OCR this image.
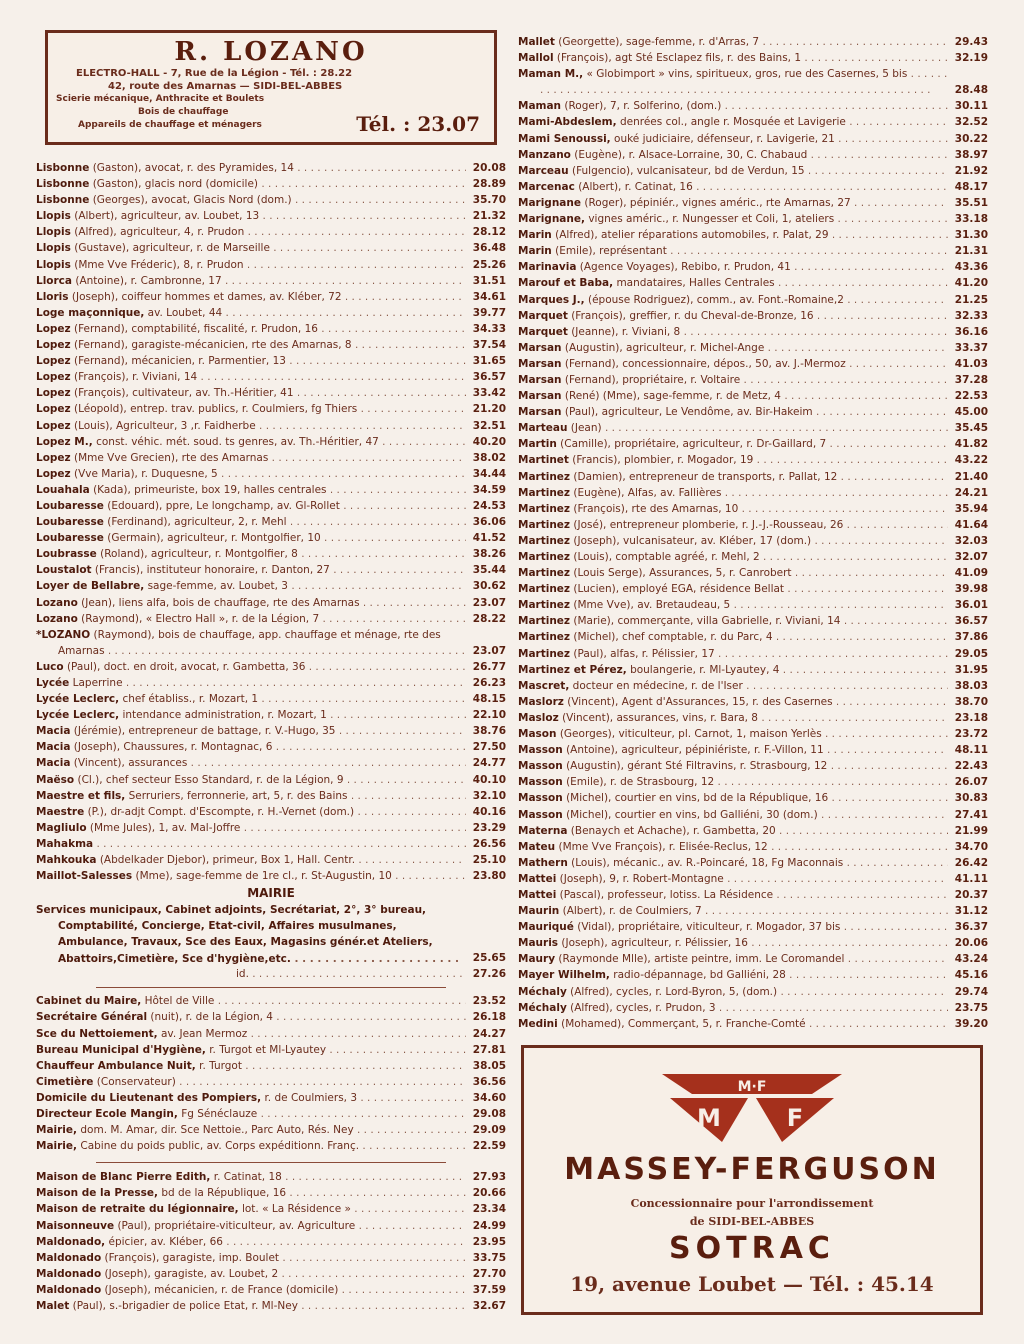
R. LOZANO
ELECTRO-HALL - 7, Rue de la Légion - Tél. : 28.22
42, route des Amarnas — SIDI-BEL-ABBES
Scierie mécanique, Anthracite et Boulets
Bois de chauffage
Appareils de chauffage et ménagers	Tél. : 23.07
Lisbonne (Gaston), avocat, r. des Pyramides, 14 . . .	20.08
Lisbonne (Gaston), glacis nord (domicile) . . .	28.89
Lisbonne (Georges), avocat, Glacis Nord (dom.) . . .	35.70
Llopis (Albert), agriculteur, av. Loubet, 13 . . .	21.32
Llopis (Alfred), agriculteur, 4, r. Prudon . . .	28.12
Llopis (Gustave), agriculteur, r. de Marseille . . .	36.48
Llopis (Mme Vve Fréderic), 8, r. Prudon . . .	25.26
Llorca (Antoine), r. Cambronne, 17 . . .	31.51
Lloris (Joseph), coiffeur hommes et dames, av. Kléber, 72 . . .	34.61
Loge maçonnique, av. Loubet, 44 . . .	39.77
Lopez (Fernand), comptabilité, fiscalité, r. Prudon, 16 . . .	34.33
Lopez (Fernand), garagiste-mécanicien, rte des Amarnas, 8 . . .	37.54
Lopez (Fernand), mécanicien, r. Parmentier, 13 . . .	31.65
Lopez (François), r. Viviani, 14 . . .	36.57
Lopez (François), cultivateur, av. Th.-Héritier, 41 . . .	33.42
Lopez (Léopold), entrep. trav. publics, r. Coulmiers, fg Thiers . . .	21.20
Lopez (Louis), Agriculteur, 3 ,r. Faidherbe . . .	32.51
Lopez M., const. véhic. mét. soud. ts genres, av. Th.-Héritier, 47 . . .	40.20
Lopez (Mme Vve Grecien), rte des Amarnas . . .	38.02
Lopez (Vve Maria), r. Duquesne, 5 . . .	34.44
Louahala (Kada), primeuriste, box 19, halles centrales . . .	34.59
Loubaresse (Edouard), ppre, Le longchamp, av. Gl-Rollet . . .	24.53
Loubaresse (Ferdinand), agriculteur, 2, r. Mehl . . .	36.06
Loubaresse (Germain), agriculteur, r. Montgolfier, 10 . . .	41.52
Loubrasse (Roland), agriculteur, r. Montgolfier, 8 . . .	38.26
Loustalot (Francis), instituteur honoraire, r. Danton, 27 . . .	35.44
Loyer de Bellabre, sage-femme, av. Loubet, 3 . . .	30.62
Lozano (Jean), liens alfa, bois de chauffage, rte des Amarnas . . .	23.07
Lozano (Raymond), « Electro Hall », r. de la Légion, 7 . . .	28.22
*LOZANO (Raymond), bois de chauffage, app. chauffage et ménage, rte des Amarnas . . .	23.07
Luco (Paul), doct. en droit, avocat, r. Gambetta, 36 . . .	26.77
Lycée Laperrine . . .	26.23
Lycée Leclerc, chef établiss., r. Mozart, 1 . . .	48.15
Lycée Leclerc, intendance administration, r. Mozart, 1 . . .	22.10
Macia (Jérémie), entrepreneur de battage, r. V.-Hugo, 35 . . .	38.76
Macia (Joseph), Chaussures, r. Montagnac, 6 . . .	27.50
Macia (Vincent), assurances . . .	24.77
Maëso (Cl.), chef secteur Esso Standard, r. de la Légion, 9 . . .	40.10
Maestre et fils, Serruriers, ferronnerie, art, 5, r. des Bains . . .	32.10
Maestre (P.), dr-adjt Compt. d'Escompte, r. H.-Vernet (dom.) . . .	40.16
Magliulo (Mme Jules), 1, av. Mal-Joffre . . .	23.29
Mahakma . . .	26.56
Mahkouka (Abdelkader Djebor), primeur, Box 1, Hall. Centr. . . .	25.10
Maillot-Salesses (Mme), sage-femme de 1re cl., r. St-Augustin, 10 . . .	23.80
MAIRIE
Services municipaux, Cabinet adjoints, Secrétariat, 2°, 3° bureau, Comptabilité, Concierge, Etat-civil, Affaires musulmanes, Ambulance, Travaux, Sce des Eaux, Magasins génér.et Ateliers, Abattoirs,Cimetière, Sce d'hygiène,etc. . . .	25.65
id. . . .	27.26
Cabinet du Maire, Hôtel de Ville . . .	23.52
Secrétaire Général (nuit), r. de la Légion, 4 . . .	26.18
Sce du Nettoiement, av. Jean Mermoz . . .	24.27
Bureau Municipal d'Hygiène, r. Turgot et Ml-Lyautey . . .	27.81
Chauffeur Ambulance Nuit, r. Turgot . . .	38.05
Cimetière (Conservateur) . . .	36.56
Domicile du Lieutenant des Pompiers, r. de Coulmiers, 3 . . .	34.60
Directeur Ecole Mangin, Fg Sénéclauze . . .	29.08
Mairie, dom. M. Amar, dir. Sce Nettoie., Parc Auto, Rés. Ney . . .	29.09
Mairie, Cabine du poids public, av. Corps expéditionn. Franç. . . .	22.59
Maison de Blanc Pierre Edith, r. Catinat, 18 . . .	27.93
Maison de la Presse, bd de la République, 16 . . .	20.66
Maison de retraite du légionnaire, lot. « La Résidence » . . .	23.34
Maisonneuve (Paul), propriétaire-viticulteur, av. Agriculture . . .	24.99
Maldonado, épicier, av. Kléber, 66 . . .	23.95
Maldonado (François), garagiste, imp. Boulet . . .	33.75
Maldonado (Joseph), garagiste, av. Loubet, 2 . . .	27.70
Maldonado (Joseph), mécanicien, r. de France (domicile) . . .	37.59
Malet (Paul), s.-brigadier de police Etat, r. Ml-Ney . . .	32.67
Mallet (Georgette), sage-femme, r. d'Arras, 7 . . .	29.43
Mallol (François), agt Sté Esclapez fils, r. des Bains, 1 . . .	32.19
Maman M., « Globimport » vins, spiritueux, gros, rue des Casernes, 5 bis . . .
28.48
Maman (Roger), 7, r. Solferino, (dom.) . . .	30.11
Mami-Abdeslem, denrées col., angle r. Mosquée et Lavigerie . . .	32.52
Mami Senoussi, ouké judiciaire, défenseur, r. Lavigerie, 21 . . .	30.22
Manzano (Eugène), r. Alsace-Lorraine, 30, C. Chabaud . . .	38.97
Marceau (Fulgencio), vulcanisateur, bd de Verdun, 15 . . .	21.92
Marcenac (Albert), r. Catinat, 16 . . .	48.17
Marignane (Roger), pépiniér., vignes améric., rte Amarnas, 27 . . .	35.51
Marignane, vignes améric., r. Nungesser et Coli, 1, ateliers . . .	33.18
Marin (Alfred), atelier réparations automobiles, r. Palat, 29 . . .	31.30
Marin (Emile), représentant . . .	21.31
Marinavia (Agence Voyages), Rebibo, r. Prudon, 41 . . .	43.36
Marouf et Baba, mandataires, Halles Centrales . . .	41.20
Marques J., (épouse Rodriguez), comm., av. Font.-Romaine,2 . . .	21.25
Marquet (François), greffier, r. du Cheval-de-Bronze, 16 . . .	32.33
Marquet (Jeanne), r. Viviani, 8 . . .	36.16
Marsan (Augustin), agriculteur, r. Michel-Ange . . .	33.37
Marsan (Fernand), concessionnaire, dépos., 50, av. J.-Mermoz . . .	41.03
Marsan (Fernand), propriétaire, r. Voltaire . . .	37.28
Marsan (René) (Mme), sage-femme, r. de Metz, 4 . . .	22.53
Marsan (Paul), agriculteur, Le Vendôme, av. Bir-Hakeim . . .	45.00
Marteau (Jean) . . .	35.45
Martin (Camille), propriétaire, agriculteur, r. Dr-Gaillard, 7 . . .	41.82
Martinet (Francis), plombier, r. Mogador, 19 . . .	43.22
Martinez (Damien), entrepreneur de transports, r. Pallat, 12 . . .	21.40
Martinez (Eugène), Alfas, av. Fallières . . .	24.21
Martinez (François), rte des Amarnas, 10 . . .	35.94
Martinez (José), entrepreneur plomberie, r. J.-J.-Rousseau, 26 . . .	41.64
Martinez (Joseph), vulcanisateur, av. Kléber, 17 (dom.) . . .	32.03
Martinez (Louis), comptable agréé, r. Mehl, 2 . . .	32.07
Martinez (Louis Serge), Assurances, 5, r. Canrobert . . .	41.09
Martinez (Lucien), employé EGA, résidence Bellat . . .	39.98
Martinez (Mme Vve), av. Bretaudeau, 5 . . .	36.01
Martinez (Marie), commerçante, villa Gabrielle, r. Viviani, 14 . . .	36.57
Martinez (Michel), chef comptable, r. du Parc, 4 . . .	37.86
Martinez (Paul), alfas, r. Pélissier, 17 . . .	29.05
Martinez et Pérez, boulangerie, r. Ml-Lyautey, 4 . . .	31.95
Mascret, docteur en médecine, r. de l'Iser . . .	38.03
Maslorz (Vincent), Agent d'Assurances, 15, r. des Casernes . . .	38.70
Masloz (Vincent), assurances, vins, r. Bara, 8 . . .	23.18
Mason (Georges), viticulteur, pl. Carnot, 1, maison Yerlès . . .	23.72
Masson (Antoine), agriculteur, pépiniériste, r. F.-Villon, 11 . . .	48.11
Masson (Augustin), gérant Sté Filtravins, r. Strasbourg, 12 . . .	22.43
Masson (Emile), r. de Strasbourg, 12 . . .	26.07
Masson (Michel), courtier en vins, bd de la République, 16 . . .	30.83
Masson (Michel), courtier en vins, bd Galliéni, 30 (dom.) . . .	27.41
Materna (Benaych et Achache), r. Gambetta, 20 . . .	21.99
Mateu (Mme Vve François), r. Elisée-Reclus, 12 . . .	34.70
Mathern (Louis), mécanic., av. R.-Poincaré, 18, Fg Maconnais . . .	26.42
Mattei (Joseph), 9, r. Robert-Montagne . . .	41.11
Mattei (Pascal), professeur, lotiss. La Résidence . . .	20.37
Maurin (Albert), r. de Coulmiers, 7 . . .	31.12
Mauriqué (Vidal), propriétaire, viticulteur, r. Mogador, 37 bis . . .	36.37
Mauris (Joseph), agriculteur, r. Pélissier, 16 . . .	20.06
Maury (Raymonde Mlle), artiste peintre, imm. Le Coromandel . . .	43.24
Mayer Wilhelm, radio-dépannage, bd Galliéni, 28 . . .	45.16
Méchaly (Alfred), cycles, r. Lord-Byron, 5, (dom.) . . .	29.74
Méchaly (Alfred), cycles, r. Prudon, 3 . . .	23.75
Medini (Mohamed), Commerçant, 5, r. Franche-Comté . . .	39.20
M·F
M	F
MASSEY-FERGUSON
Concessionnaire pour l'arrondissement
de SIDI-BEL-ABBES
SOTRAC
19, avenue Loubet — Tél. : 45.14
